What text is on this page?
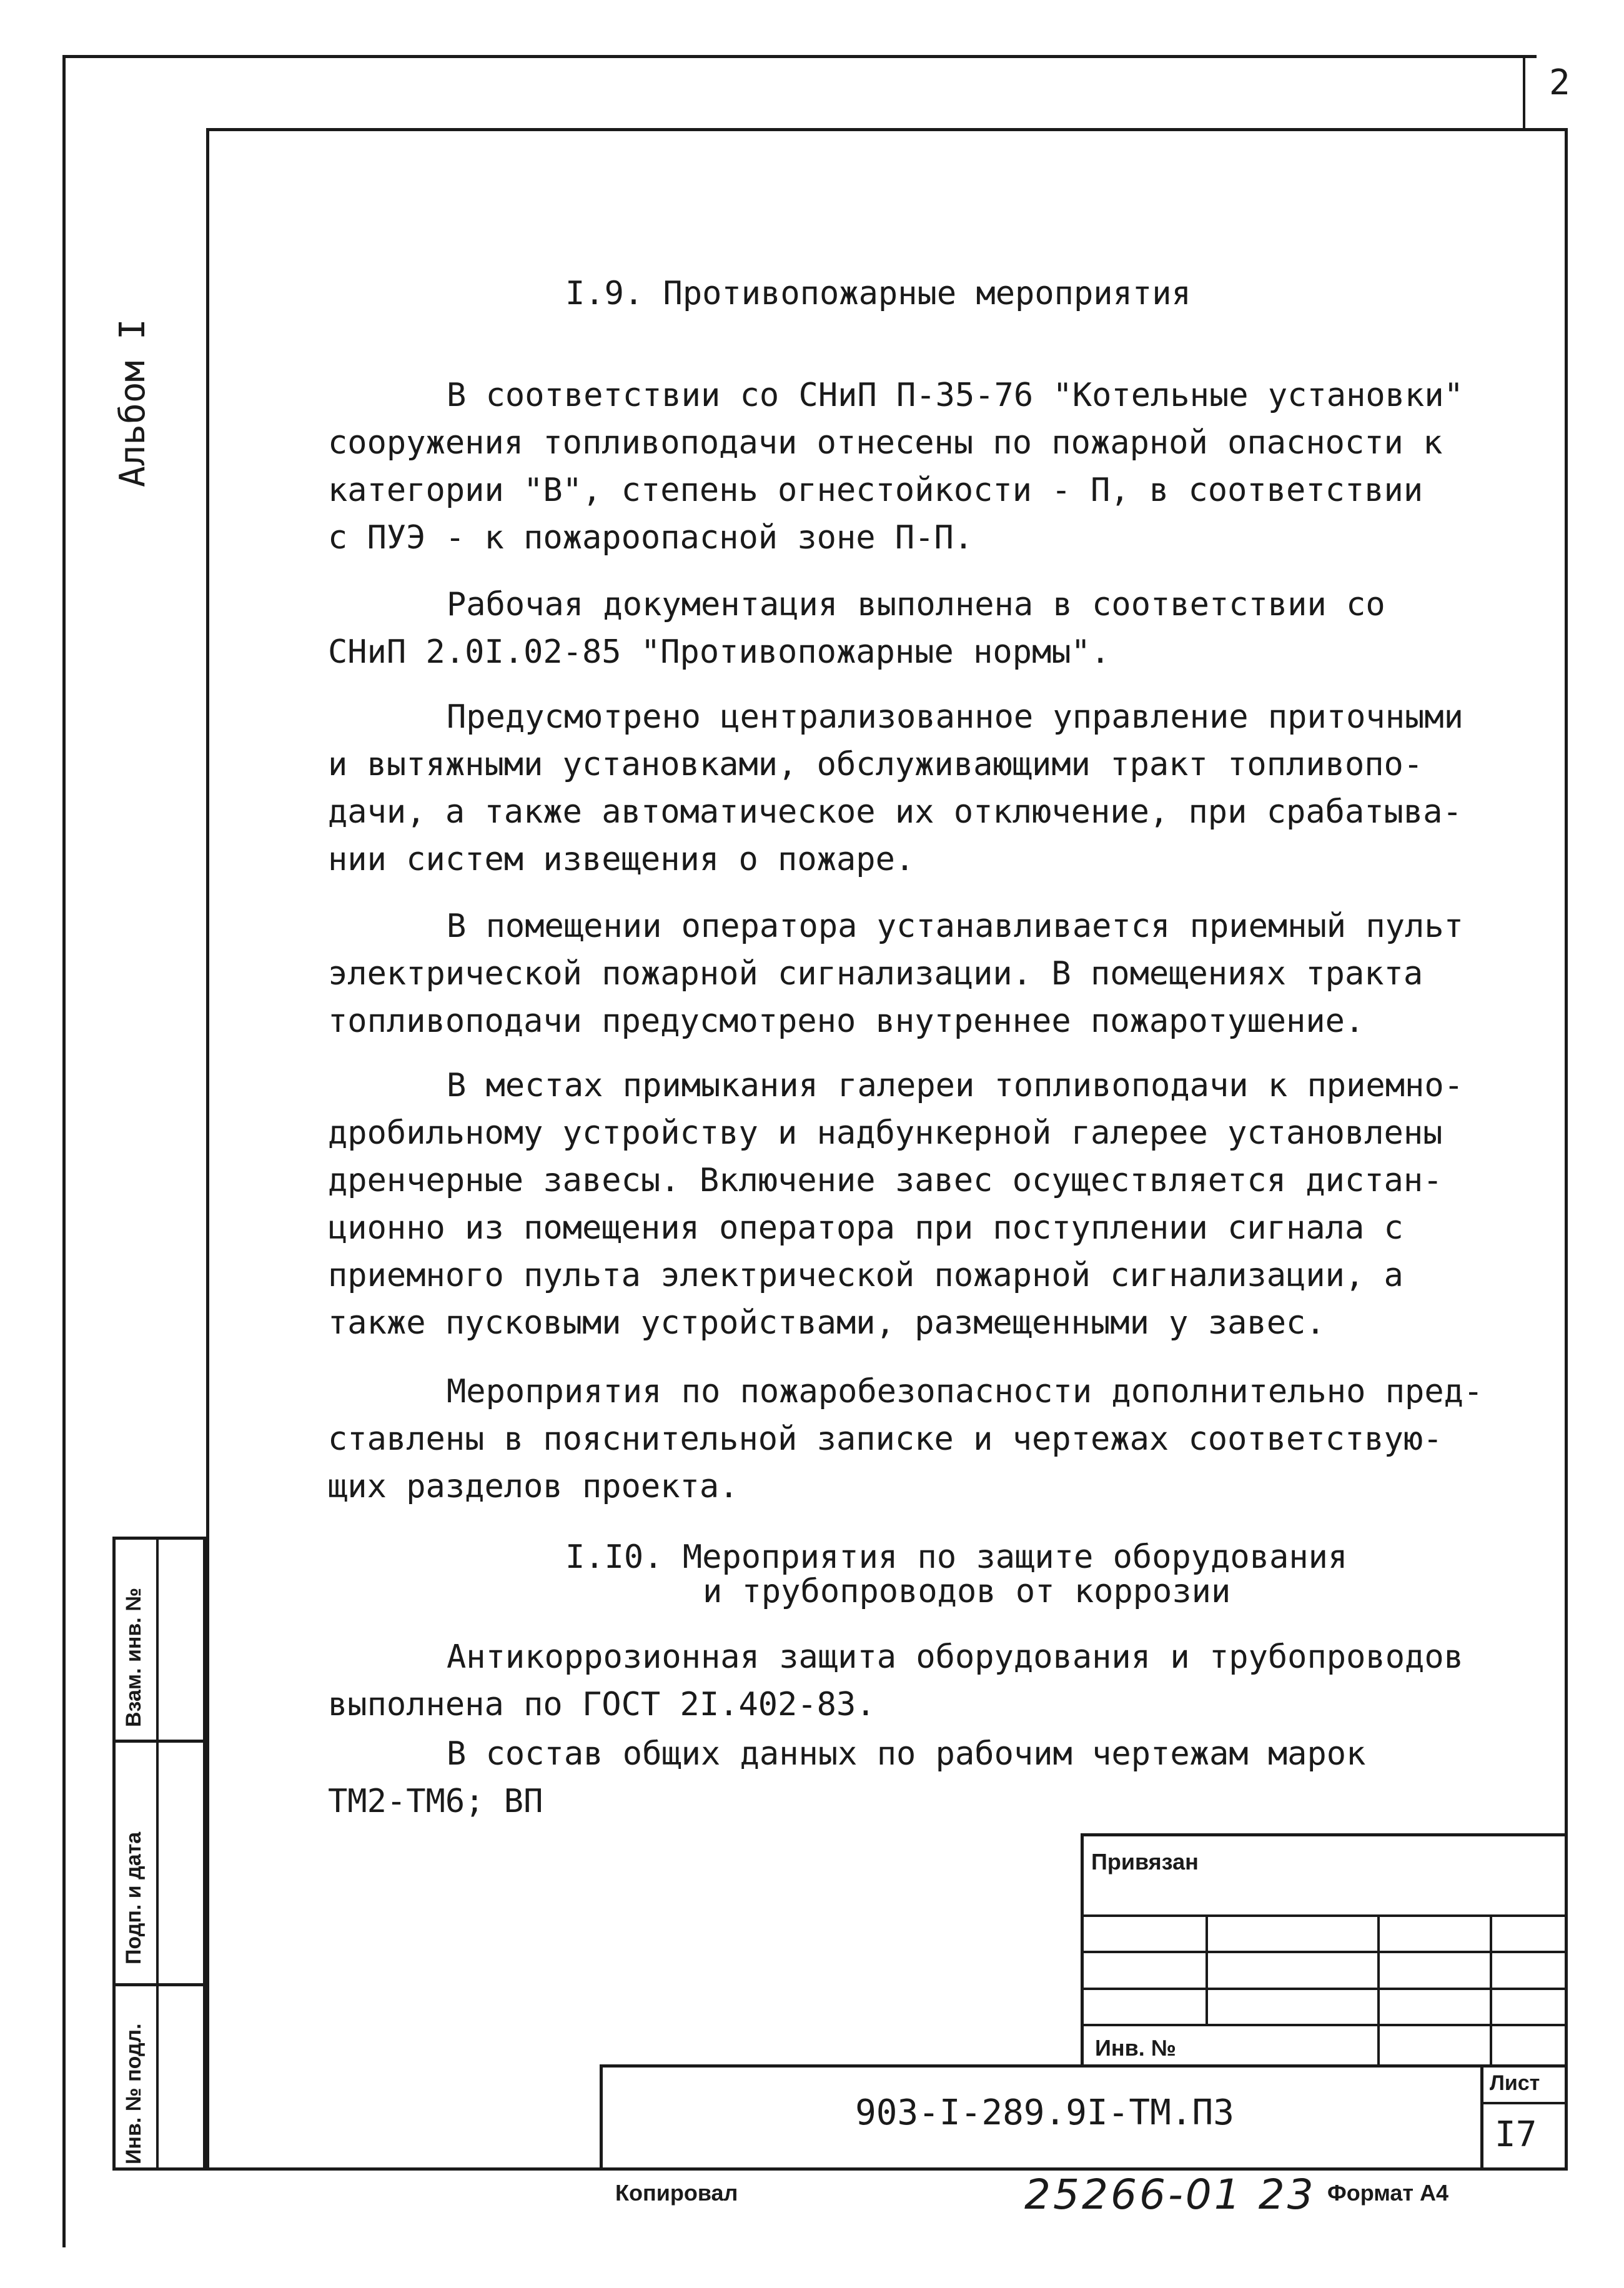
2
Альбом I
Взам. инв. №
Подп. и дата
Инв. № подл.
I.9. Противопожарные мероприятия
В соответствии со СНиП П-35-76 "Котельные установки"
сооружения топливоподачи отнесены по пожарной опасности к
категории "В", степень огнестойкости - П, в соответствии
с ПУЭ - к пожароопасной зоне П-П.
Рабочая документация выполнена в соответствии со
СНиП 2.0I.02-85 "Противопожарные нормы".
Предусмотрено централизованное управление приточными
и вытяжными установками, обслуживающими тракт топливопо-
дачи, а также автоматическое их отключение, при срабатыва-
нии систем извещения о пожаре.
В помещении оператора устанавливается приемный пульт
электрической пожарной сигнализации. В помещениях тракта
топливоподачи предусмотрено внутреннее пожаротушение.
В местах примыкания галереи топливоподачи к приемно-
дробильному устройству и надбункерной галерее установлены
дренчерные завесы. Включение завес осуществляется дистан-
ционно из помещения оператора при поступлении сигнала с
приемного пульта электрической пожарной сигнализации, а
также пусковыми устройствами, размещенными у завес.
Мероприятия по пожаробезопасности дополнительно пред-
ставлены в пояснительной записке и чертежах соответствую-
щих разделов проекта.
I.I0. Мероприятия по защите оборудования
и трубопроводов от коррозии
Антикоррозионная защита оборудования и трубопроводов
выполнена по ГОСТ 2I.402-83.
В состав общих данных по рабочим чертежам марок
ТМ2-ТМ6; ВП
Привязан
Инв. №
903-I-289.9I-ТМ.ПЗ
Лист
I7
Копировал	25266-01 23 Формат А4
